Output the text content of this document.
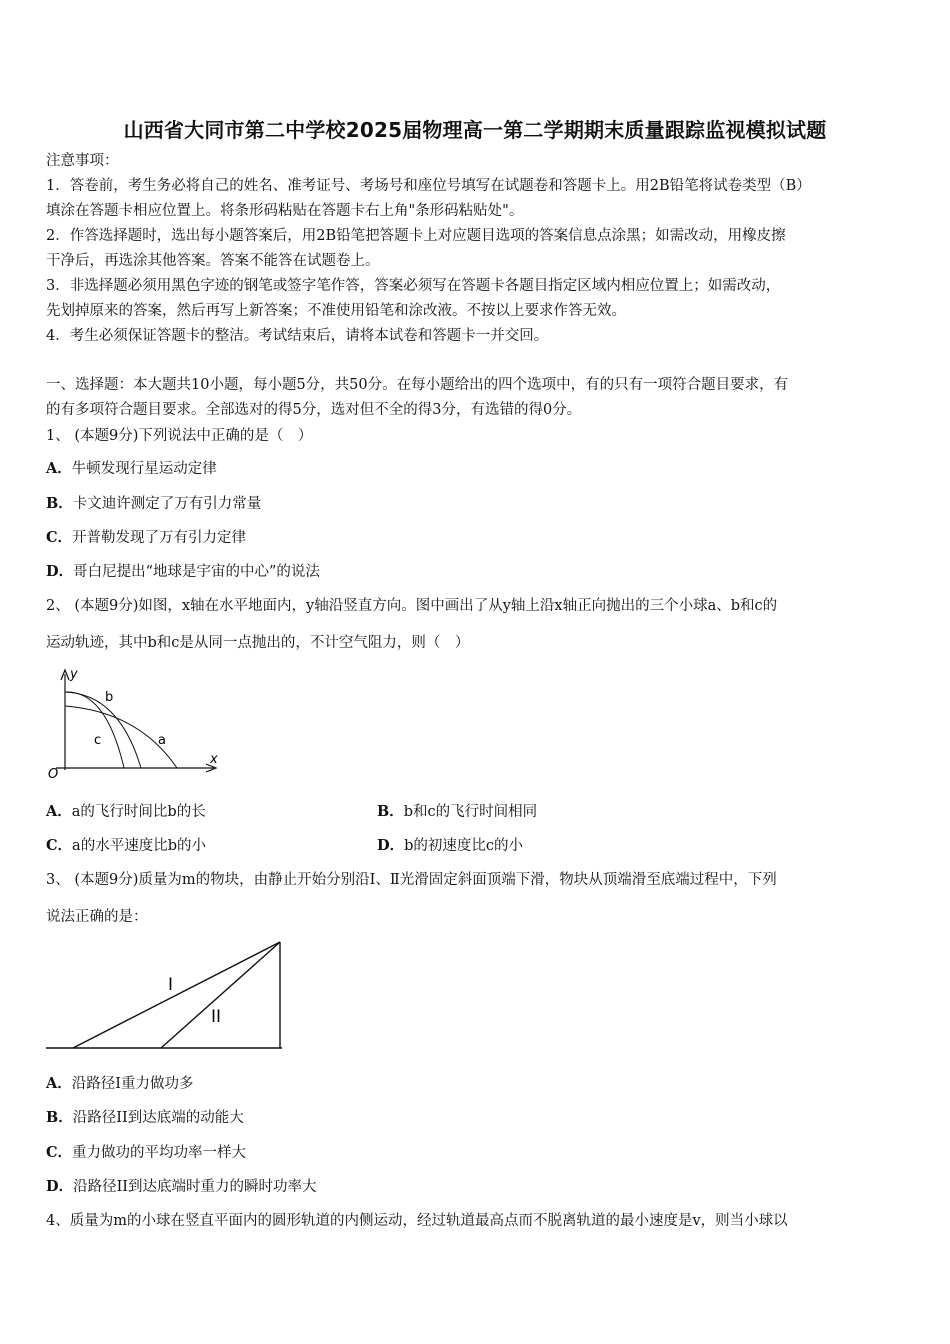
山西省大同市第二中学校2025届物理高一第二学期期末质量跟踪监视模拟试题
注意事项：
1．答卷前，考生务必将自己的姓名、准考证号、考场号和座位号填写在试题卷和答题卡上。用2B铅笔将试卷类型（B）
填涂在答题卡相应位置上。将条形码粘贴在答题卡右上角"条形码粘贴处"。
2．作答选择题时，选出每小题答案后，用2B铅笔把答题卡上对应题目选项的答案信息点涂黑；如需改动，用橡皮擦
干净后，再选涂其他答案。答案不能答在试题卷上。
3．非选择题必须用黑色字迹的钢笔或签字笔作答，答案必须写在答题卡各题目指定区域内相应位置上；如需改动，
先划掉原来的答案，然后再写上新答案；不准使用铅笔和涂改液。不按以上要求作答无效。
4．考生必须保证答题卡的整洁。考试结束后，请将本试卷和答题卡一并交回。
一、选择题：本大题共10小题，每小题5分，共50分。在每小题给出的四个选项中，有的只有一项符合题目要求，有
的有多项符合题目要求。全部选对的得5分，选对但不全的得3分，有选错的得0分。
1、 (本题9分)下列说法中正确的是（　）
A．牛顿发现行星运动定律
B．卡文迪许测定了万有引力常量
C．开普勒发现了万有引力定律
D．哥白尼提出“地球是宇宙的中心”的说法
2、 (本题9分)如图，x轴在水平地面内，y轴沿竖直方向。图中画出了从y轴上沿x轴正向抛出的三个小球a、b和c的
运动轨迹，其中b和c是从同一点抛出的，不计空气阻力，则（　）
y
x
O
b
c	a
A．a的飞行时间比b的长	B．b和c的飞行时间相同
C．a的水平速度比b的小	D．b的初速度比c的小
3、 (本题9分)质量为m的物块，由静止开始分别沿Ⅰ、Ⅱ光滑固定斜面顶端下滑，物块从顶端滑至底端过程中，下列
说法正确的是：
I
II
A．沿路径Ⅰ重力做功多
B．沿路径II到达底端的动能大
C．重力做功的平均功率一样大
D．沿路径II到达底端时重力的瞬时功率大
4、质量为m的小球在竖直平面内的圆形轨道的内侧运动，经过轨道最高点而不脱离轨道的最小速度是v，则当小球以
